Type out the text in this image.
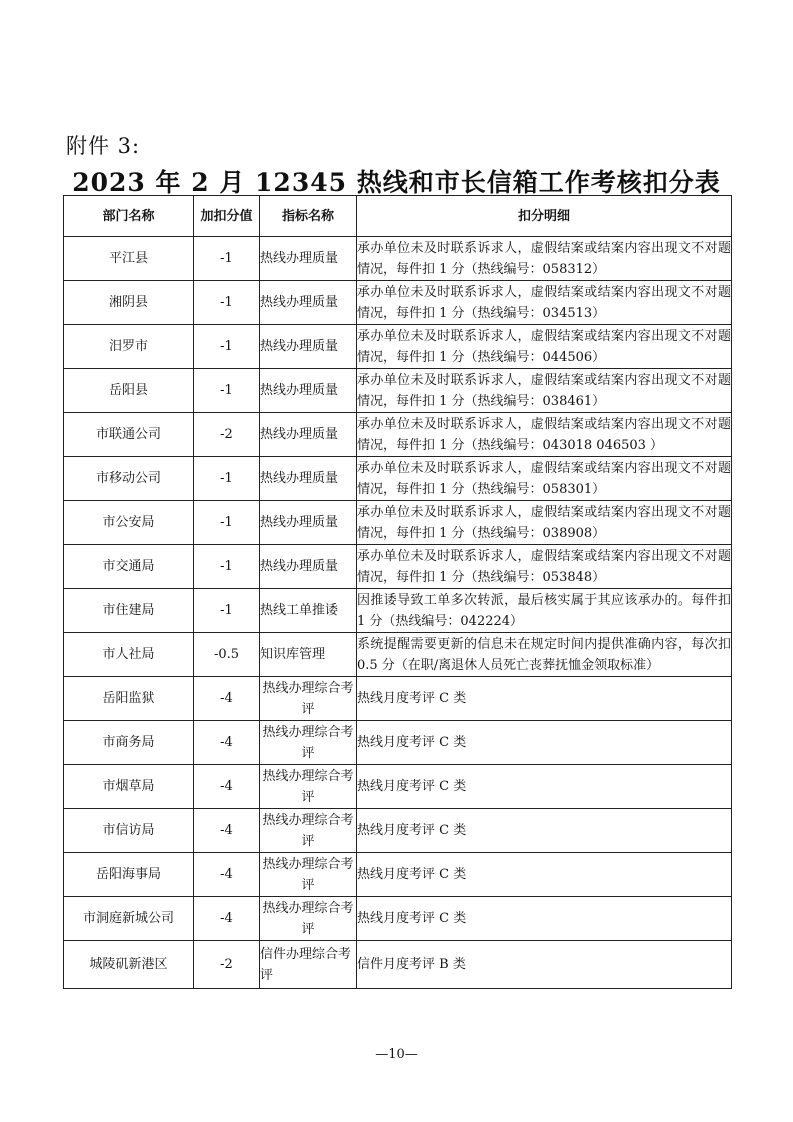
附件 3:
2023 年 2 月 12345 热线和市长信箱工作考核扣分表
部门名称	加扣分值	指标名称	扣分明细
平江县	-1	热线办理质量	承办单位未及时联系诉求人，虚假结案或结案内容出现文不对题情况，每件扣 1 分（热线编号：058312）
湘阴县	-1	热线办理质量	承办单位未及时联系诉求人，虚假结案或结案内容出现文不对题情况，每件扣 1 分（热线编号：034513）
汨罗市	-1	热线办理质量	承办单位未及时联系诉求人，虚假结案或结案内容出现文不对题情况，每件扣 1 分（热线编号：044506）
岳阳县	-1	热线办理质量	承办单位未及时联系诉求人，虚假结案或结案内容出现文不对题情况，每件扣 1 分（热线编号：038461）
市联通公司	-2	热线办理质量	承办单位未及时联系诉求人，虚假结案或结案内容出现文不对题情况，每件扣 1 分（热线编号：043018 046503 ）
市移动公司	-1	热线办理质量	承办单位未及时联系诉求人，虚假结案或结案内容出现文不对题情况，每件扣 1 分（热线编号：058301）
市公安局	-1	热线办理质量	承办单位未及时联系诉求人，虚假结案或结案内容出现文不对题情况，每件扣 1 分（热线编号：038908）
市交通局	-1	热线办理质量	承办单位未及时联系诉求人，虚假结案或结案内容出现文不对题情况，每件扣 1 分（热线编号：053848）
市住建局	-1	热线工单推诿	因推诿导致工单多次转派，最后核实属于其应该承办的。每件扣 1 分（热线编号：042224）
市人社局	-0.5	知识库管理	系统提醒需要更新的信息未在规定时间内提供准确内容，每次扣 0.5 分（在职/离退休人员死亡丧葬抚恤金领取标准）
岳阳监狱	-4	热线办理综合考评	热线月度考评 C 类
市商务局	-4	热线办理综合考评	热线月度考评 C 类
市烟草局	-4	热线办理综合考评	热线月度考评 C 类
市信访局	-4	热线办理综合考评	热线月度考评 C 类
岳阳海事局	-4	热线办理综合考评	热线月度考评 C 类
市洞庭新城公司	-4	热线办理综合考评	热线月度考评 C 类
城陵矶新港区	-2	信件办理综合考评	信件月度考评 B 类
—10—
